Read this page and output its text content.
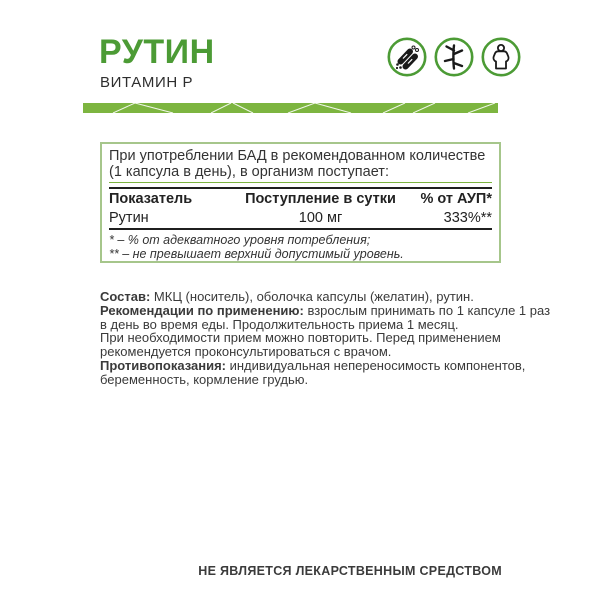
РУТИН
ВИТАМИН Р
При употреблении БАД в рекомендованном количестве
(1 капсула в день), в организм поступает:
Показатель	Поступление в сутки	% от АУП*
Рутин	100 мг	333%**
* – % от адекватного уровня потребления;
** – не превышает верхний допустимый уровень.
Состав: МКЦ (носитель), оболочка капсулы (желатин), рутин.
Рекомендации по применению: взрослым принимать по 1 капсуле 1 раз
в день во время еды. Продолжительность приема 1 месяц.
При необходимости прием можно повторить. Перед применением
рекомендуется проконсультироваться с врачом.
Противопоказания: индивидуальная непереносимость компонентов,
беременность, кормление грудью.
НЕ ЯВЛЯЕТСЯ ЛЕКАРСТВЕННЫМ СРЕДСТВОМ
